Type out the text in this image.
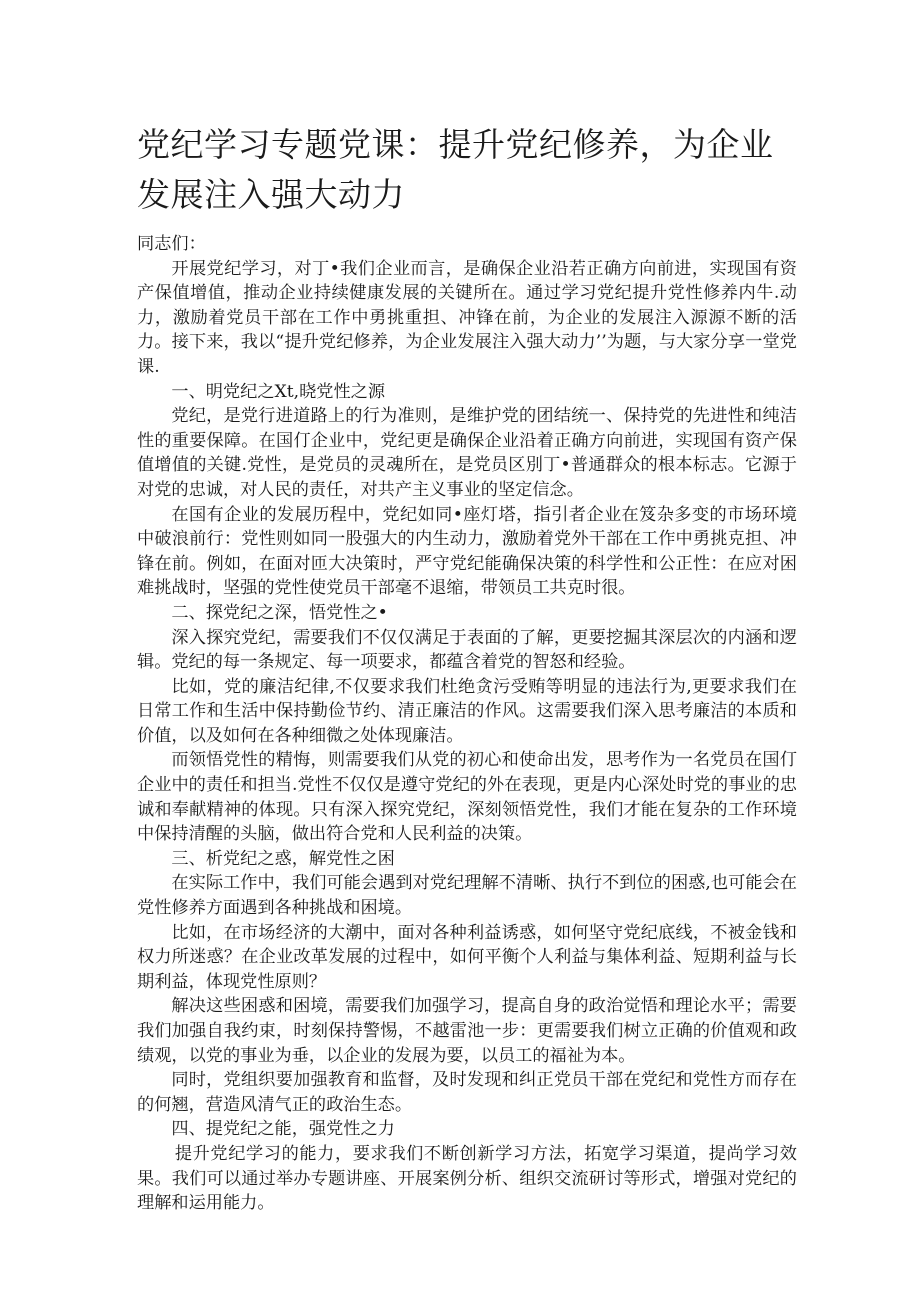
党纪学习专题党课：提升党纪修养，为企业发展注入强大动力

同志们：

开展党纪学习，对丁•我们企业而言，是确保企业沿若正确方向前进，实现国有资产保值增值，推动企业持续健康发展的关键所在。通过学习党纪提升党性修养内牛.动力，激励着党员干部在工作中勇挑重担、冲锋在前，为企业的发展注入源源不断的活力。接下来，我以“提升党纪修养，为企业发展注入强大动力’’为题，与大家分享一堂党课.

一、明党纪之Xt,晓党性之源

党纪，是党行进道路上的行为准则，是维护党的团结统一、保持党的先进性和纯洁性的重要保障。在国仃企业中，党纪更是确保企业沿着正确方向前进，实现国有资产保值增值的关键.党性，是党员的灵魂所在，是党员区別丁•普通群众的根本标志。它源于对党的忠诚，对人民的责任，对共产主义事业的坚定信念。

在国有企业的发展历程中，党纪如同•座灯塔，指引者企业在笈杂多变的市场环境中破浪前行：党性则如同一股强大的内生动力，激励着党外干部在工作中勇挑克担、冲锋在前。例如，在面对匝大决策时，严守党纪能确保决策的科学性和公正性：在应对困难挑战时，坚强的党性使党员干部毫不退缩，带领员工共克时很。

二、探党纪之深，悟党性之•

深入探究党纪，需要我们不仅仅满足于表面的了解，更要挖掘其深层次的内涵和逻辑。党纪的每一条规定、每一项要求，都蕴含着党的智怒和经验。

比如，党的廉洁纪律,不仅要求我们杜绝贪污受贿等明显的违法行为,更要求我们在日常工作和生活中保持勤俭节约、清正廉洁的作风。这需要我们深入思考廉洁的本质和价值，以及如何在各种细微之处体现廉洁。

而领悟党性的精悔，则需要我们从党的初心和使命出发，思考作为一名党员在国仃企业中的责任和担当.党性不仅仅是遵守党纪的外在表现，更是内心深处时党的事业的忠诚和奉献精神的体现。只有深入探究党纪，深刻领悟党性，我们才能在复杂的工作环境中保持清醒的头脑，做出符合党和人民利益的决策。

三、析党纪之惑，解党性之困

在实际工作中，我们可能会遇到对党纪理解不清晰、执行不到位的困惑,也可能会在党性修养方面遇到各种挑战和困境。

比如，在市场经济的大潮中，面对各种利益诱惑，如何坚守党纪底线，不被金钱和权力所迷惑？在企业改革发展的过程中，如何平衡个人利益与集体利益、短期利益与长期利益，体现党性原则？

解决这些困惑和困境，需要我们加强学习，提高自身的政治觉悟和理论水平；需要我们加强自我约束，时刻保持警惕，不越雷池一步：更需要我们树立正确的价值观和政绩观，以党的事业为垂，以企业的发展为要，以员工的福祉为本。

同时，党组织要加强教育和监督，及时发现和纠正党员干部在党纪和党性方而存在的何翘，营造风清气正的政治生态。

四、提党纪之能，强党性之力

提升党纪学习的能力，要求我们不断创新学习方法，拓宽学习渠道，提尚学习效果。我们可以通过举办专题讲座、开展案例分析、组织交流研讨等形式，增强对党纪的理解和运用能力。
